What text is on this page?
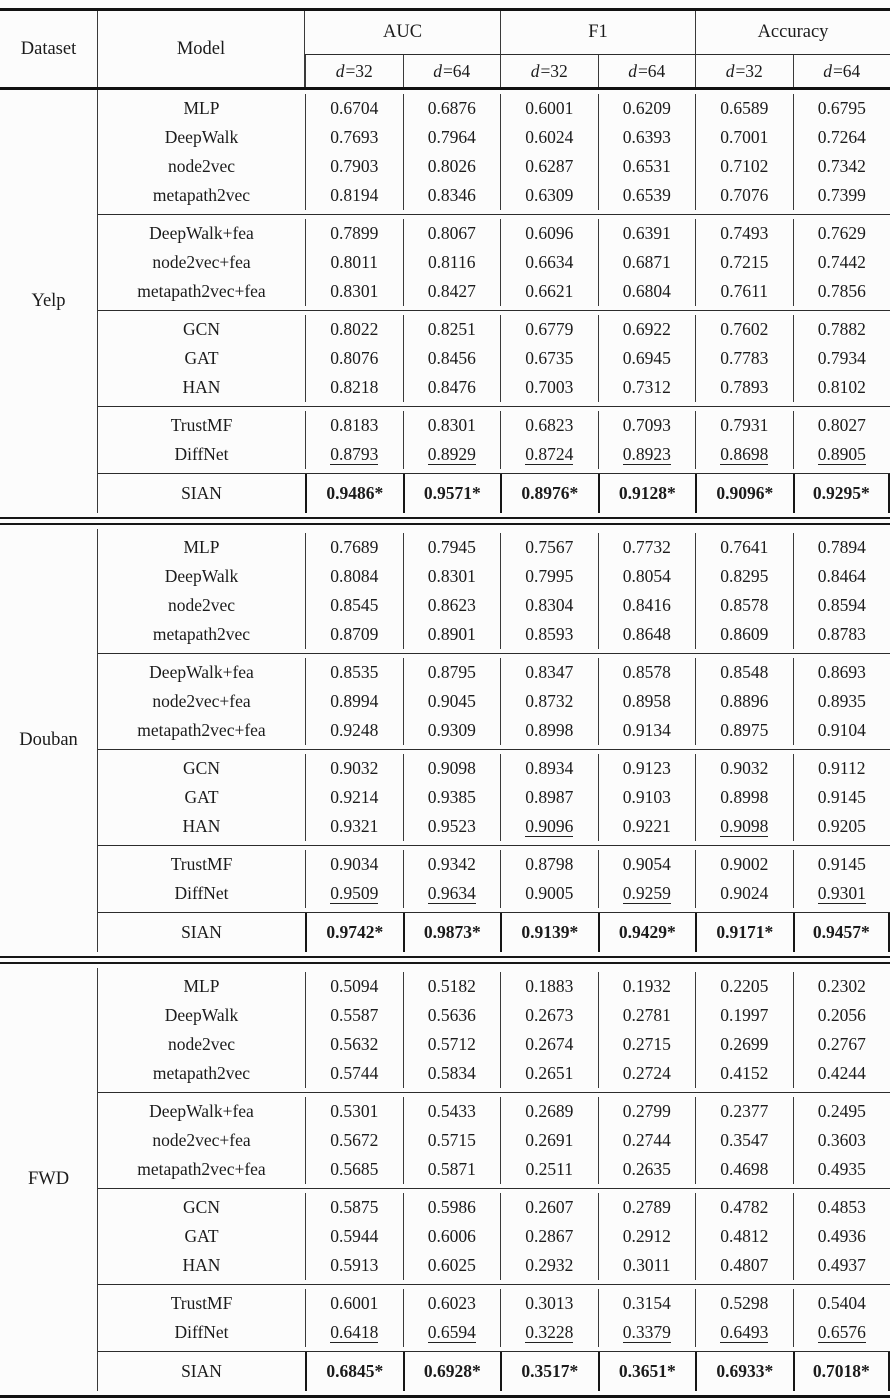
Dataset	Model
AUC	F1	Accuracy
d =32	d =64	d =32	d =64	d =32	d =64
Yelp
MLP	0.6704	0.6876	0.6001	0.6209	0.6589	0.6795
DeepWalk	0.7693	0.7964	0.6024	0.6393	0.7001	0.7264
node2vec	0.7903	0.8026	0.6287	0.6531	0.7102	0.7342
metapath2vec	0.8194	0.8346	0.6309	0.6539	0.7076	0.7399
DeepWalk+fea	0.7899	0.8067	0.6096	0.6391	0.7493	0.7629
node2vec+fea	0.8011	0.8116	0.6634	0.6871	0.7215	0.7442
metapath2vec+fea	0.8301	0.8427	0.6621	0.6804	0.7611	0.7856
GCN	0.8022	0.8251	0.6779	0.6922	0.7602	0.7882
GAT	0.8076	0.8456	0.6735	0.6945	0.7783	0.7934
HAN	0.8218	0.8476	0.7003	0.7312	0.7893	0.8102
TrustMF	0.8183	0.8301	0.6823	0.7093	0.7931	0.8027
DiffNet	0.8793	0.8929	0.8724	0.8923	0.8698	0.8905
SIAN	0.9486*	0.9571*	0.8976*	0.9128*	0.9096*	0.9295*
Douban
MLP	0.7689	0.7945	0.7567	0.7732	0.7641	0.7894
DeepWalk	0.8084	0.8301	0.7995	0.8054	0.8295	0.8464
node2vec	0.8545	0.8623	0.8304	0.8416	0.8578	0.8594
metapath2vec	0.8709	0.8901	0.8593	0.8648	0.8609	0.8783
DeepWalk+fea	0.8535	0.8795	0.8347	0.8578	0.8548	0.8693
node2vec+fea	0.8994	0.9045	0.8732	0.8958	0.8896	0.8935
metapath2vec+fea	0.9248	0.9309	0.8998	0.9134	0.8975	0.9104
GCN	0.9032	0.9098	0.8934	0.9123	0.9032	0.9112
GAT	0.9214	0.9385	0.8987	0.9103	0.8998	0.9145
HAN	0.9321	0.9523	0.9096	0.9221	0.9098	0.9205
TrustMF	0.9034	0.9342	0.8798	0.9054	0.9002	0.9145
DiffNet	0.9509	0.9634	0.9005	0.9259	0.9024	0.9301
SIAN	0.9742*	0.9873*	0.9139*	0.9429*	0.9171*	0.9457*
FWD
MLP	0.5094	0.5182	0.1883	0.1932	0.2205	0.2302
DeepWalk	0.5587	0.5636	0.2673	0.2781	0.1997	0.2056
node2vec	0.5632	0.5712	0.2674	0.2715	0.2699	0.2767
metapath2vec	0.5744	0.5834	0.2651	0.2724	0.4152	0.4244
DeepWalk+fea	0.5301	0.5433	0.2689	0.2799	0.2377	0.2495
node2vec+fea	0.5672	0.5715	0.2691	0.2744	0.3547	0.3603
metapath2vec+fea	0.5685	0.5871	0.2511	0.2635	0.4698	0.4935
GCN	0.5875	0.5986	0.2607	0.2789	0.4782	0.4853
GAT	0.5944	0.6006	0.2867	0.2912	0.4812	0.4936
HAN	0.5913	0.6025	0.2932	0.3011	0.4807	0.4937
TrustMF	0.6001	0.6023	0.3013	0.3154	0.5298	0.5404
DiffNet	0.6418	0.6594	0.3228	0.3379	0.6493	0.6576
SIAN	0.6845*	0.6928*	0.3517*	0.3651*	0.6933*	0.7018*
